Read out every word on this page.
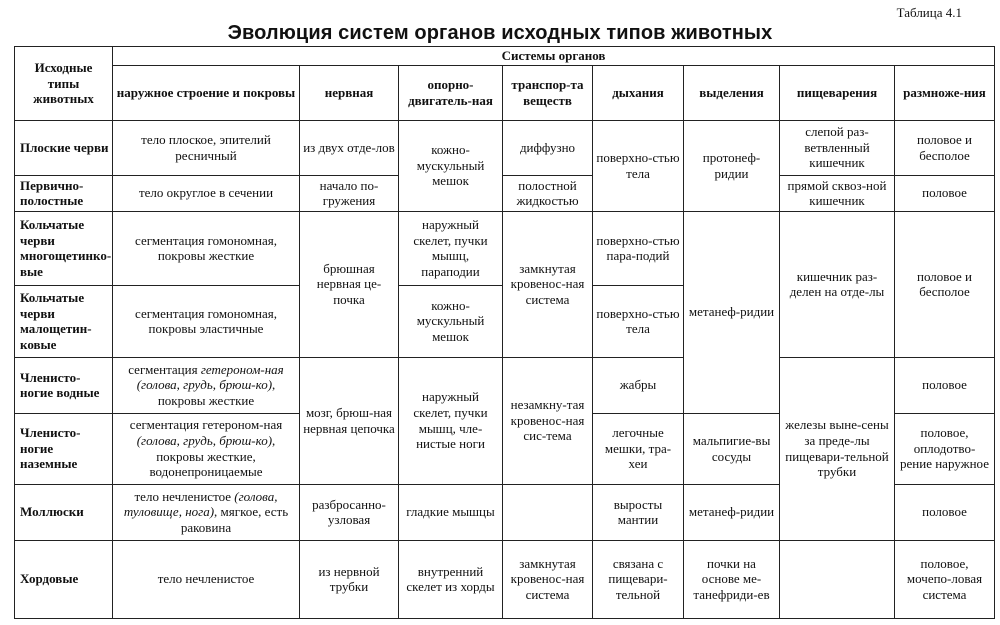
Таблица 4.1
Эволюция систем органов исходных типов животных
Исходные типы животных	Системы органов							
	наружное строение и покровы	нервная	опорно-двигатель-ная	транспор-та веществ	дыхания	выделения	пищеварения	размноже-ния
Плоские черви	тело плоское, эпителий ресничный	из двух отде-лов	кожно-мускульный мешок	диффузно	поверхно-стью тела	протонеф-ридии	слепой раз-ветвленный кишечник	половое и бесполое
Первично-полостные	тело округлое в сечении	начало по-гружения		полостной жидкостью			прямой сквоз-ной кишечник	половое
Кольчатые черви многощетинко-вые	сегментация гомономная, покровы жесткие	брюшная нервная це-почка	наружный скелет, пучки мышц, параподии	замкнутая кровенос-ная система	поверхно-стью пара-подий	метанеф-ридии	кишечник раз-делен на отде-лы	половое и бесполое
Кольчатые черви малощетин-ковые	сегментация гомономная, покровы эластичные		кожно-мускульный мешок		поверхно-стью тела			
Членисто-ногие водные	сегментация гетероном-ная (голова, грудь, брюш-ко), покровы жесткие	мозг, брюш-ная нервная цепочка	наружный скелет, пучки мышц, чле-нистые ноги	незамкну-тая кровенос-ная сис-тема	жабры		железы выне-сены за преде-лы пищевари-тельной трубки	половое
Членисто-ногие наземные	сегментация гетероном-ная (голова, грудь, брюш-ко), покровы жесткие, водонепроницаемые				легочные мешки, тра-хеи	мальпигие-вы сосуды		половое, оплодотво-рение наружное
Моллюски	тело нечленистое (голова, туловище, нога), мягкое, есть раковина	разбросанно-узловая	гладкие мышцы		выросты мантии	метанеф-ридии		половое
Хордовые	тело нечленистое	из нервной трубки	внутренний скелет из хорды	замкнутая кровенос-ная система	связана с пищевари-тельной	почки на основе ме-танефриди-ев		половое, мочепо-ловая система
